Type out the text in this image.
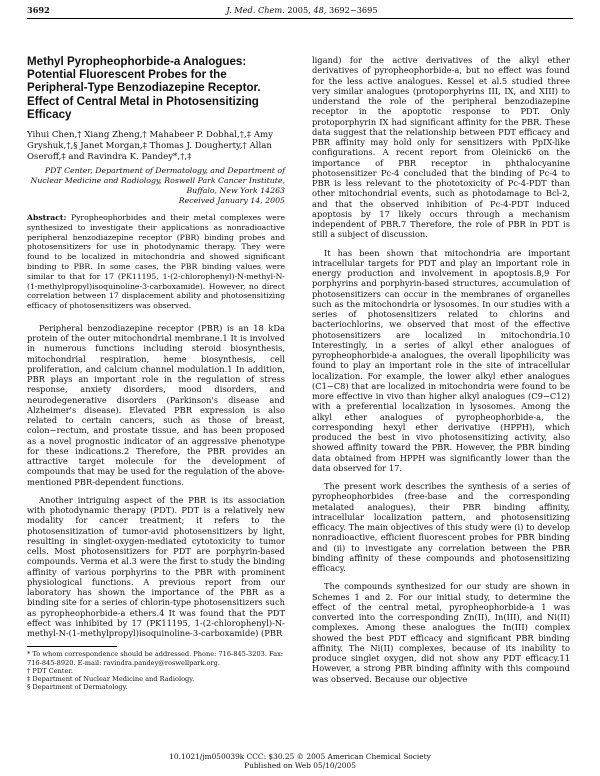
3692	J. Med. Chem. 2005, 48, 3692−3695
Methyl Pyropheophorbide-a Analogues: Potential Fluorescent Probes for the Peripheral-Type Benzodiazepine Receptor. Effect of Central Metal in Photosensitizing Efficacy
Yihui Chen,† Xiang Zheng,† Mahabeer P. Dobhal,†,‡ Amy Gryshuk,†,§ Janet Morgan,‡ Thomas J. Dougherty,† Allan Oseroff,‡ and Ravindra K. Pandey*,†,‡
PDT Center, Department of Dermatology, and Department of Nuclear Medicine and Radiology, Roswell Park Cancer Institute, Buffalo, New York 14263
Received January 14, 2005
Abstract: Pyropheophorbides and their metal complexes were synthesized to investigate their applications as nonradioactive peripheral benzodiazepine receptor (PBR) binding probes and photosensitizers for use in photodynamic therapy. They were found to be localized in mitochondria and showed significant binding to PBR. In some cases, the PBR binding values were similar to that for 17 (PK11195, 1-(2-chlorophenyl)-N-methyl-N-(1-methylpropyl)isoquinoline-3-carboxamide). However, no direct correlation between 17 displacement ability and photosensitizing efficacy of photosensitizers was observed.

Peripheral benzodiazepine receptor (PBR) is an 18 kDa protein of the outer mitochondrial membrane.1 It is involved in numerous functions including steroid biosynthesis, mitochondrial respiration, heme biosynthesis, cell proliferation, and calcium channel modulation.1 In addition, PBR plays an important role in the regulation of stress response, anxiety disorders, mood disorders, and neurodegenerative disorders (Parkinson's disease and Alzheimer's disease). Elevated PBR expression is also related to certain cancers, such as those of breast, colon−rectum, and prostate tissue, and has been proposed as a novel prognostic indicator of an aggressive phenotype for these indications.2 Therefore, the PBR provides an attractive target molecule for the development of compounds that may be used for the regulation of the above-mentioned PBR-dependent functions.

Another intriguing aspect of the PBR is its association with photodynamic therapy (PDT). PDT is a relatively new modality for cancer treatment; it refers to the photosensitization of tumor-avid photosensitizers by light, resulting in singlet-oxygen-mediated cytotoxicity to tumor cells. Most photosensitizers for PDT are porphyrin-based compounds. Verma et al.3 were the first to study the binding affinity of various porphyrins to the PBR with prominent physiological functions. A previous report from our laboratory has shown the importance of the PBR as a binding site for a series of chlorin-type photosensitizers such as pyropheophorbide-a ethers.4 It was found that the PDT effect was inhibited by 17 (PK11195, 1-(2-chlorophenyl)-N-methyl-N-(1-methylpropyl)isoquinoline-3-carboxamide) (PBR

* To whom correspondence should be addressed. Phone: 716-845-3203. Fax: 716-845-8920. E-mail: ravindra.pandey@roswellpark.org.
† PDT Center.
‡ Department of Nuclear Medicine and Radiology.
§ Department of Dermatology.

ligand) for the active derivatives of the alkyl ether derivatives of pyropheophorbide-a, but no effect was found for the less active analogues. Kessel et al.5 studied three very similar analogues (protoporphyrins III, IX, and XIII) to understand the role of the peripheral benzodiazepine receptor in the apoptotic response to PDT. Only protoporphyrin IX had significant affinity for the PBR. These data suggest that the relationship between PDT efficacy and PBR affinity may hold only for sensitizers with PpIX-like configurations. A recent report from Oleinick6 on the importance of PBR receptor in phthalocyanine photosensitizer Pc-4 concluded that the binding of Pc-4 to PBR is less relevant to the phototoxicity of Pc-4-PDT than other mitochondrial events, such as photodamage to Bcl-2, and that the observed inhibition of Pc-4-PDT induced apoptosis by 17 likely occurs through a mechanism independent of PBR.7 Therefore, the role of PBR in PDT is still a subject of discussion.

It has been shown that mitochondria are important intracellular targets for PDT and play an important role in energy production and involvement in apoptosis.8,9 For porphyrins and porphyrin-based structures, accumulation of photosensitizers can occur in the membranes of organelles such as the mitochondria or lysosomes. In our studies with a series of photosensitizers related to chlorins and bacteriochlorins, we observed that most of the effective photosensitizers are localized in mitochondria.10 Interestingly, in a series of alkyl ether analogues of pyropheophorbide-a analogues, the overall lipophilicity was found to play an important role in the site of intracellular localization. For example, the lower alkyl ether analogues (C1−C8) that are localized in mitochondria were found to be more effective in vivo than higher alkyl analogues (C9−C12) with a preferential localization in lysosomes. Among the alkyl ether analogues of pyropheophorbide-a, the corresponding hexyl ether derivative (HPPH), which produced the best in vivo photosensitizing activity, also showed affinity toward the PBR. However, the PBR binding data obtained from HPPH was significantly lower than the data observed for 17.

The present work describes the synthesis of a series of pyropheophorbides (free-base and the corresponding metalated analogues), their PBR binding affinity, intracellular localization pattern, and photosensitizing efficacy. The main objectives of this study were (i) to develop nonradioactive, efficient fluorescent probes for PBR binding and (ii) to investigate any correlation between the PBR binding affinity of these compounds and photosensitizing efficacy.

The compounds synthesized for our study are shown in Schemes 1 and 2. For our initial study, to determine the effect of the central metal, pyropheophorbide-a 1 was converted into the corresponding Zn(II), In(III), and Ni(II) complexes. Among these analogues the In(III) complex showed the best PDT efficacy and significant PBR binding affinity. The Ni(II) complexes, because of its inability to produce singlet oxygen, did not show any PDT efficacy.11 However, a strong PBR binding affinity with this compound was observed. Because our objective

10.1021/jm050039k CCC: $30.25 © 2005 American Chemical Society
Published on Web 05/10/2005
